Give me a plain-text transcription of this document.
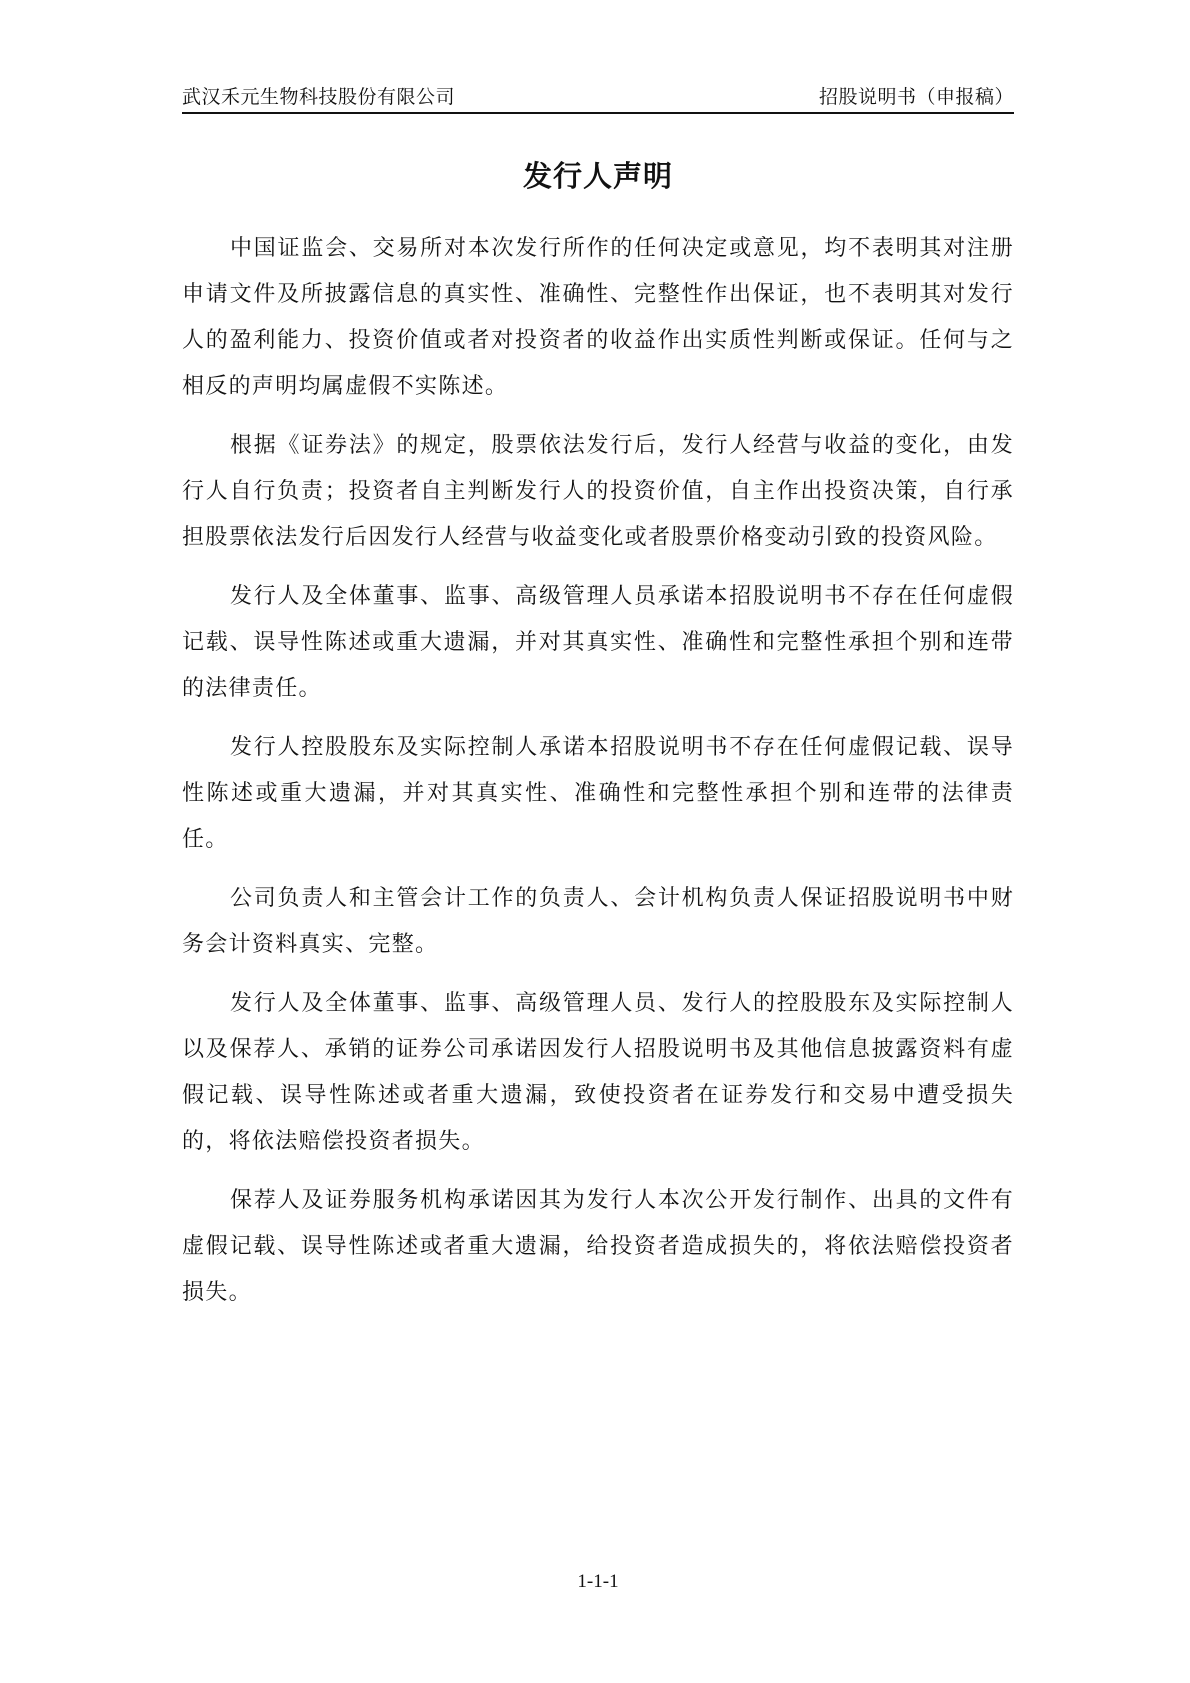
武汉禾元生物科技股份有限公司	招股说明书（申报稿）
发行人声明

中国证监会、交易所对本次发行所作的任何决定或意见，均不表明其对注册申请文件及所披露信息的真实性、准确性、完整性作出保证，也不表明其对发行人的盈利能力、投资价值或者对投资者的收益作出实质性判断或保证。任何与之相反的声明均属虚假不实陈述。

根据《证券法》的规定，股票依法发行后，发行人经营与收益的变化，由发行人自行负责；投资者自主判断发行人的投资价值，自主作出投资决策，自行承担股票依法发行后因发行人经营与收益变化或者股票价格变动引致的投资风险。

发行人及全体董事、监事、高级管理人员承诺本招股说明书不存在任何虚假记载、误导性陈述或重大遗漏，并对其真实性、准确性和完整性承担个别和连带的法律责任。

发行人控股股东及实际控制人承诺本招股说明书不存在任何虚假记载、误导性陈述或重大遗漏，并对其真实性、准确性和完整性承担个别和连带的法律责任。

公司负责人和主管会计工作的负责人、会计机构负责人保证招股说明书中财务会计资料真实、完整。

发行人及全体董事、监事、高级管理人员、发行人的控股股东及实际控制人以及保荐人、承销的证券公司承诺因发行人招股说明书及其他信息披露资料有虚假记载、误导性陈述或者重大遗漏，致使投资者在证券发行和交易中遭受损失的，将依法赔偿投资者损失。

保荐人及证券服务机构承诺因其为发行人本次公开发行制作、出具的文件有虚假记载、误导性陈述或者重大遗漏，给投资者造成损失的，将依法赔偿投资者损失。

1-1-1
